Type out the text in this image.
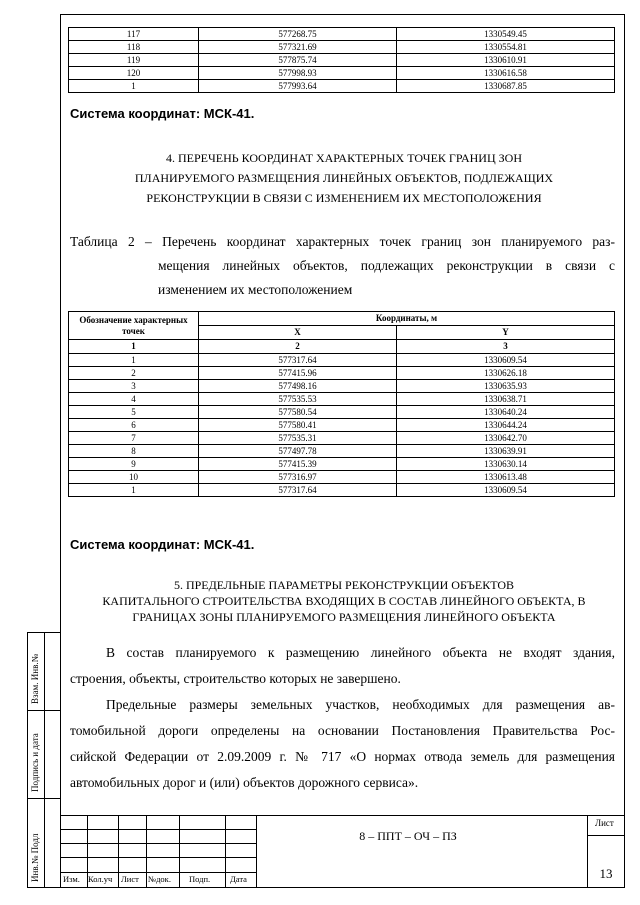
117	577268.75	1330549.45
118	577321.69	1330554.81
119	577875.74	1330610.91
120	577998.93	1330616.58
1	577993.64	1330687.85
Система координат: МСК-41.
4. ПЕРЕЧЕНЬ КООРДИНАТ ХАРАКТЕРНЫХ ТОЧЕК ГРАНИЦ ЗОН
ПЛАНИРУЕМОГО РАЗМЕЩЕНИЯ ЛИНЕЙНЫХ ОБЪЕКТОВ, ПОДЛЕЖАЩИХ
РЕКОНСТРУКЦИИ В СВЯЗИ С ИЗМЕНЕНИЕМ ИХ МЕСТОПОЛОЖЕНИЯ
Таблица 2 – Перечень координат характерных точек границ зон планируемого раз-
мещения линейных объектов, подлежащих реконструкции в связи с
изменением их местоположением
Обозначение характерных точек	Координаты, м	
	X	Y
1	2	3
1	577317.64	1330609.54
2	577415.96	1330626.18
3	577498.16	1330635.93
4	577535.53	1330638.71
5	577580.54	1330640.24
6	577580.41	1330644.24
7	577535.31	1330642.70
8	577497.78	1330639.91
9	577415.39	1330630.14
10	577316.97	1330613.48
1	577317.64	1330609.54
Система координат: МСК-41.
5. ПРЕДЕЛЬНЫЕ ПАРАМЕТРЫ РЕКОНСТРУКЦИИ ОБЪЕКТОВ
КАПИТАЛЬНОГО СТРОИТЕЛЬСТВА ВХОДЯЩИХ В СОСТАВ ЛИНЕЙНОГО ОБЪЕКТА, В
ГРАНИЦАХ ЗОНЫ ПЛАНИРУЕМОГО РАЗМЕЩЕНИЯ ЛИНЕЙНОГО ОБЪЕКТА
В состав планируемого к размещению линейного объекта не входят здания,
строения, объекты, строительство которых не завершено.
Предельные размеры земельных участков, необходимых для размещения ав-
томобильной дороги определены на основании Постановления Правительства Рос-
сийской Федерации от 2.09.2009 г. № 717 «О нормах отвода земель для размещения
автомобильных дорог и (или) объектов дорожного сервиса».
Взам. Инв.№
Подпись и дата
Инв.№ Подл	Изм. Кол.уч Лист №док. Подп. Дата
8 – ППТ – ОЧ – ПЗ
Лист
13
